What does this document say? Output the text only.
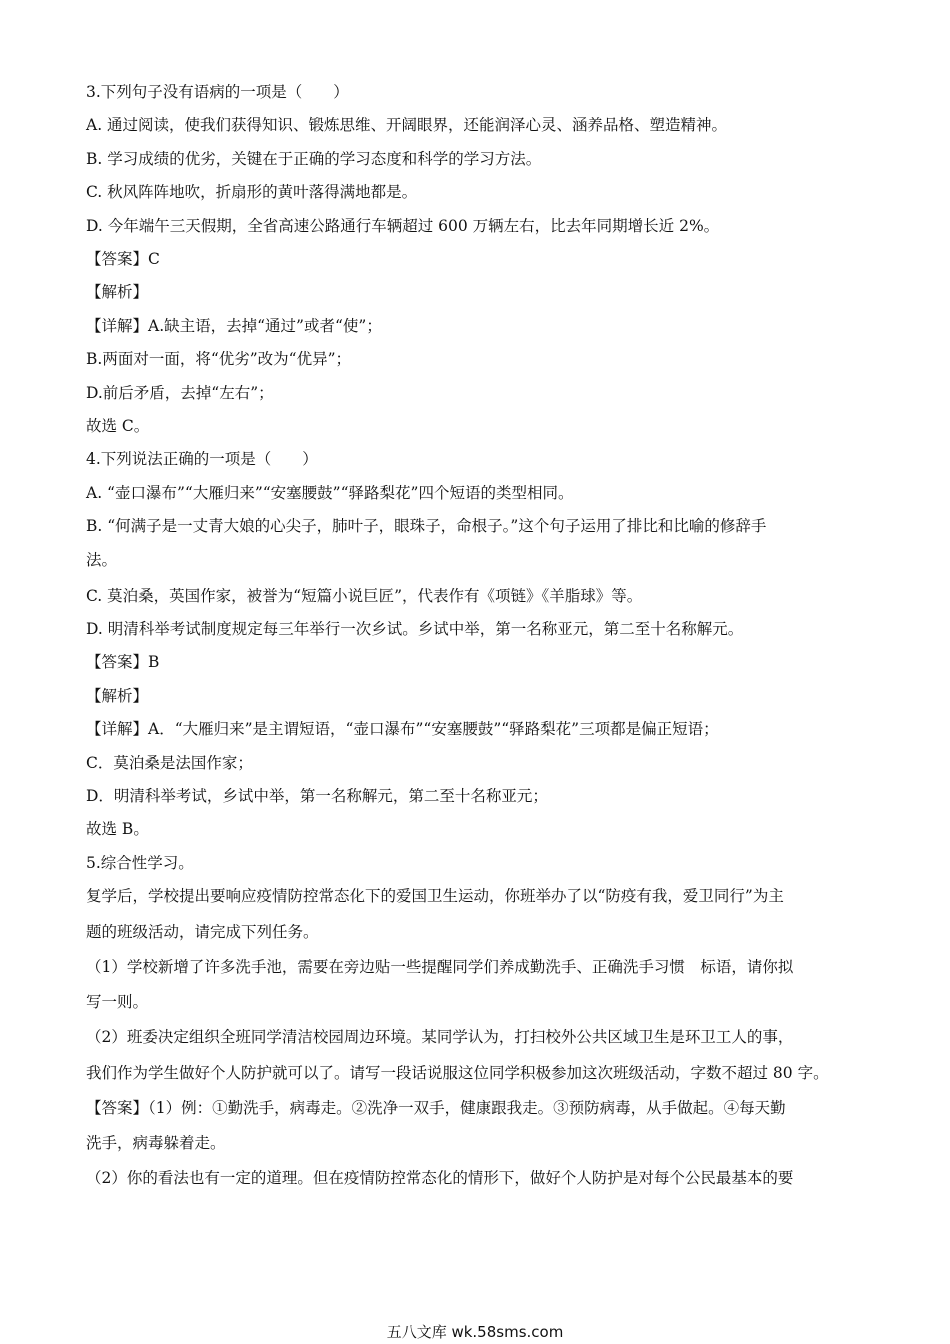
3.下列句子没有语病的一项是（　　）
A. 通过阅读，使我们获得知识、锻炼思维、开阔眼界，还能润泽心灵、涵养品格、塑造精神。
B. 学习成绩的优劣，关键在于正确的学习态度和科学的学习方法。
C. 秋风阵阵地吹，折扇形的黄叶落得满地都是。
D. 今年端午三天假期，全省高速公路通行车辆超过 600 万辆左右，比去年同期增长近 2%。
【答案】C
【解析】
【详解】A.缺主语，去掉“通过”或者“使”；
B.两面对一面，将“优劣”改为“优异”；
D.前后矛盾，去掉“左右”；
故选 C。
4.下列说法正确的一项是（　　）
A. “壶口瀑布”“大雁归来”“安塞腰鼓”“驿路梨花”四个短语的类型相同。
B. “何满子是一丈青大娘的心尖子，肺叶子，眼珠子，命根子。”这个句子运用了排比和比喻的修辞手
法。
C. 莫泊桑，英国作家，被誉为“短篇小说巨匠”，代表作有《项链》《羊脂球》等。
D. 明清科举考试制度规定每三年举行一次乡试。乡试中举，第一名称亚元，第二至十名称解元。
【答案】B
【解析】
【详解】A．“大雁归来”是主谓短语，“壶口瀑布”“安塞腰鼓”“驿路梨花”三项都是偏正短语；
C．莫泊桑是法国作家；
D．明清科举考试，乡试中举，第一名称解元，第二至十名称亚元；
故选 B。
5.综合性学习。
复学后，学校提出要响应疫情防控常态化下的爱国卫生运动，你班举办了以“防疫有我，爱卫同行”为主
题的班级活动，请完成下列任务。
（1）学校新增了许多洗手池，需要在旁边贴一些提醒同学们养成勤洗手、正确洗手习惯　标语，请你拟
写一则。
（2）班委决定组织全班同学清洁校园周边环境。某同学认为，打扫校外公共区域卫生是环卫工人的事，
我们作为学生做好个人防护就可以了。请写一段话说服这位同学积极参加这次班级活动，字数不超过 80 字。
【答案】（1）例：①勤洗手，病毒走。②洗净一双手，健康跟我走。③预防病毒，从手做起。④每天勤
洗手，病毒躲着走。
（2）你的看法也有一定的道理。但在疫情防控常态化的情形下，做好个人防护是对每个公民最基本的要
五八文库 wk.58sms.com
